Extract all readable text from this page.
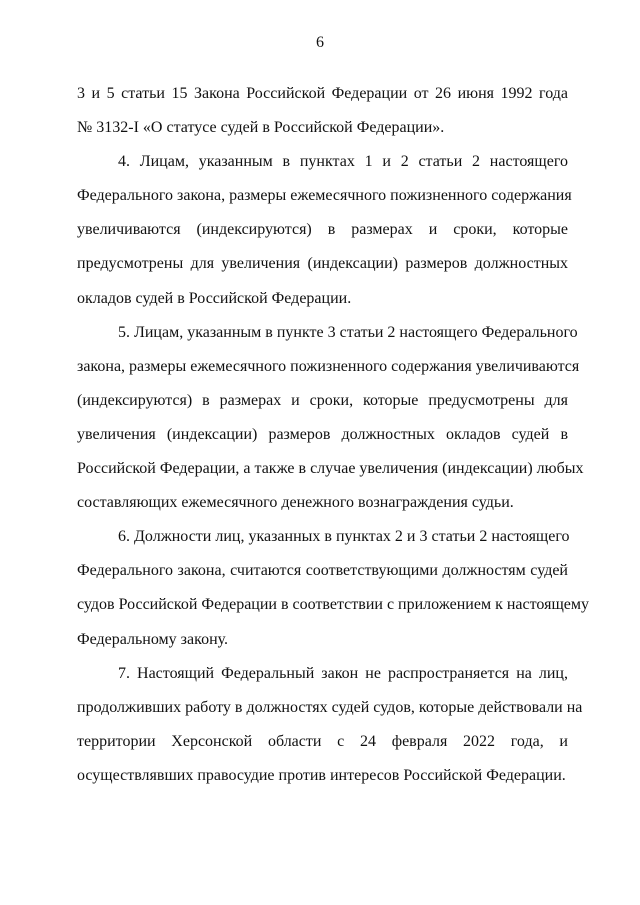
6

3 и 5 статьи 15 Закона Российской Федерации от 26 июня 1992 года
№ 3132-I «О статусе судей в Российской Федерации».

4. Лицам, указанным в пунктах 1 и 2 статьи 2 настоящего
Федерального закона, размеры ежемесячного пожизненного содержания
увеличиваются (индексируются) в размерах и сроки, которые
предусмотрены для увеличения (индексации) размеров должностных
окладов судей в Российской Федерации.

5. Лицам, указанным в пункте 3 статьи 2 настоящего Федерального
закона, размеры ежемесячного пожизненного содержания увеличиваются
(индексируются) в размерах и сроки, которые предусмотрены для
увеличения (индексации) размеров должностных окладов судей в
Российской Федерации, а также в случае увеличения (индексации) любых
составляющих ежемесячного денежного вознаграждения судьи.

6. Должности лиц, указанных в пунктах 2 и 3 статьи 2 настоящего
Федерального закона, считаются соответствующими должностям судей
судов Российской Федерации в соответствии с приложением к настоящему
Федеральному закону.

7. Настоящий Федеральный закон не распространяется на лиц,
продолживших работу в должностях судей судов, которые действовали на
территории Херсонской области с 24 февраля 2022 года, и
осуществлявших правосудие против интересов Российской Федерации.
